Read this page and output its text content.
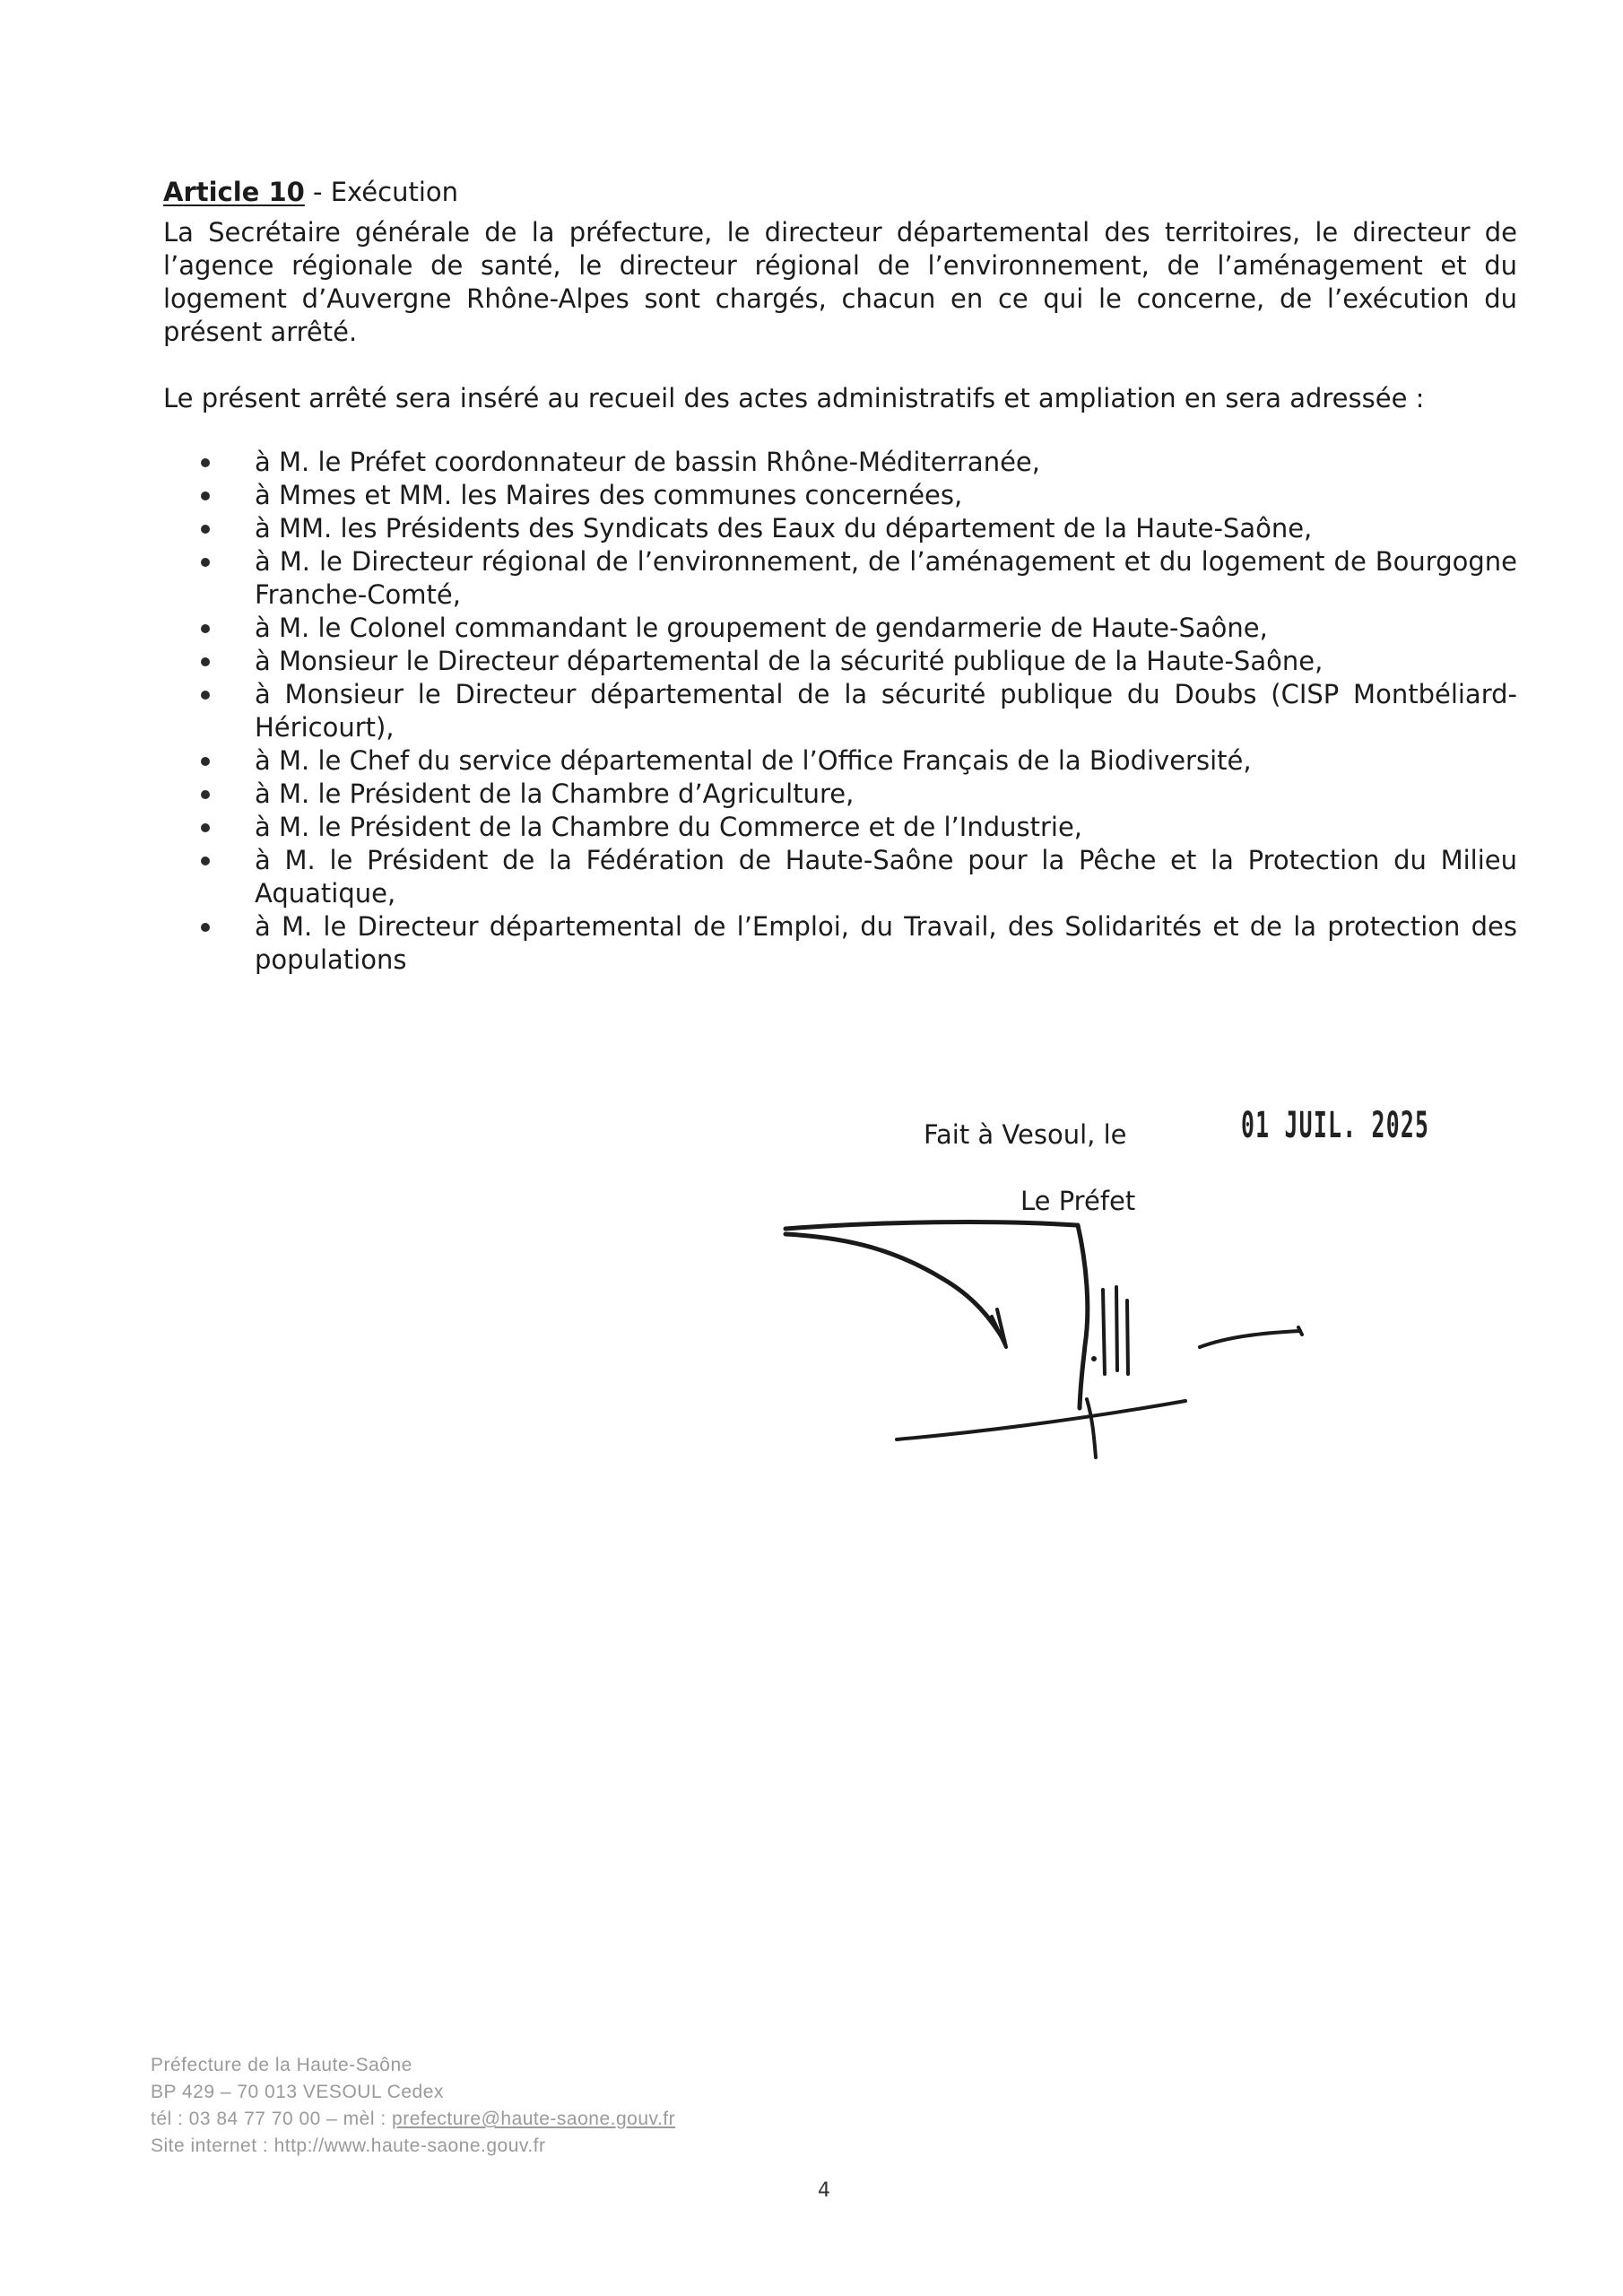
Article 10 - Exécution

La Secrétaire générale de la préfecture, le directeur départemental des territoires, le directeur de l’agence régionale de santé, le directeur régional de l’environnement, de l’aménagement et du logement d’Auvergne Rhône-Alpes sont chargés, chacun en ce qui le concerne, de l’exécution du présent arrêté.

Le présent arrêté sera inséré au recueil des actes administratifs et ampliation en sera adressée :

à M. le Préfet coordonnateur de bassin Rhône-Méditerranée,
à Mmes et MM. les Maires des communes concernées,
à MM. les Présidents des Syndicats des Eaux du département de la Haute-Saône,
à M. le Directeur régional de l’environnement, de l’aménagement et du logement de Bourgogne Franche-Comté,
à M. le Colonel commandant le groupement de gendarmerie de Haute-Saône,
à Monsieur le Directeur départemental de la sécurité publique de la Haute-Saône,
à Monsieur le Directeur départemental de la sécurité publique du Doubs (CISP Montbéliard-Héricourt),
à M. le Chef du service départemental de l’Office Français de la Biodiversité,
à M. le Président de la Chambre d’Agriculture,
à M. le Président de la Chambre du Commerce et de l’Industrie,
à M. le Président de la Fédération de Haute-Saône pour la Pêche et la Protection du Milieu Aquatique,
à M. le Directeur départemental de l’Emploi, du Travail, des Solidarités et de la protection des populations
Fait à Vesoul, le	01 JUIL. 2025
Le Préfet
Préfecture de la Haute-Saône
BP 429 – 70 013 VESOUL Cedex
tél : 03 84 77 70 00 – mèl : prefecture@haute-saone.gouv.fr
Site internet : http://www.haute-saone.gouv.fr
4
